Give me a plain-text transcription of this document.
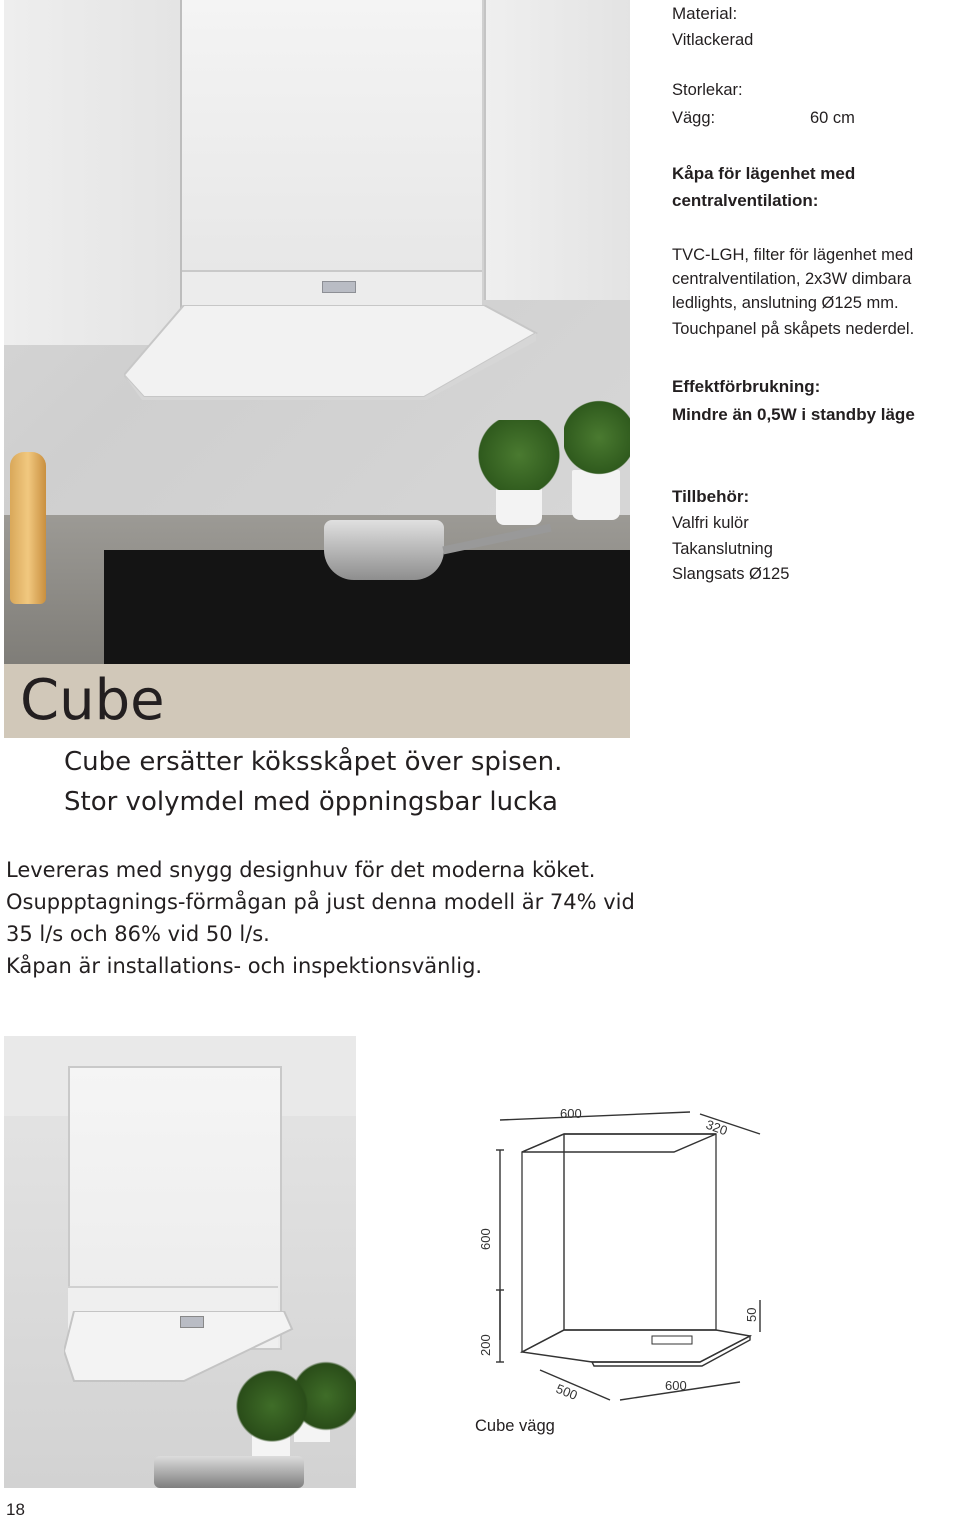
Material:
Vitlackerad
Storlekar:
Vägg:	60 cm
Kåpa för lägenhet med
centralventilation:
TVC-LGH, filter för lägenhet med
centralventilation, 2x3W dimbara
ledlights, anslutning Ø125 mm.
Touchpanel på skåpets nederdel.
Effektförbrukning:
Mindre än 0,5W i standby läge
Tillbehör:
Valfri kulör
Takanslutning
Slangsats Ø125
Cube
Cube ersätter köksskåpet över spisen.
Stor volymdel med öppningsbar lucka
Levereras med snygg designhuv för det moderna köket.
Osuppptagnings-förmågan på just denna modell är 74% vid
35 l/s och 86% vid 50 l/s.
Kåpan är installations- och inspektionsvänlig.
600
320
600
200
50
500	600
Cube vägg
18
